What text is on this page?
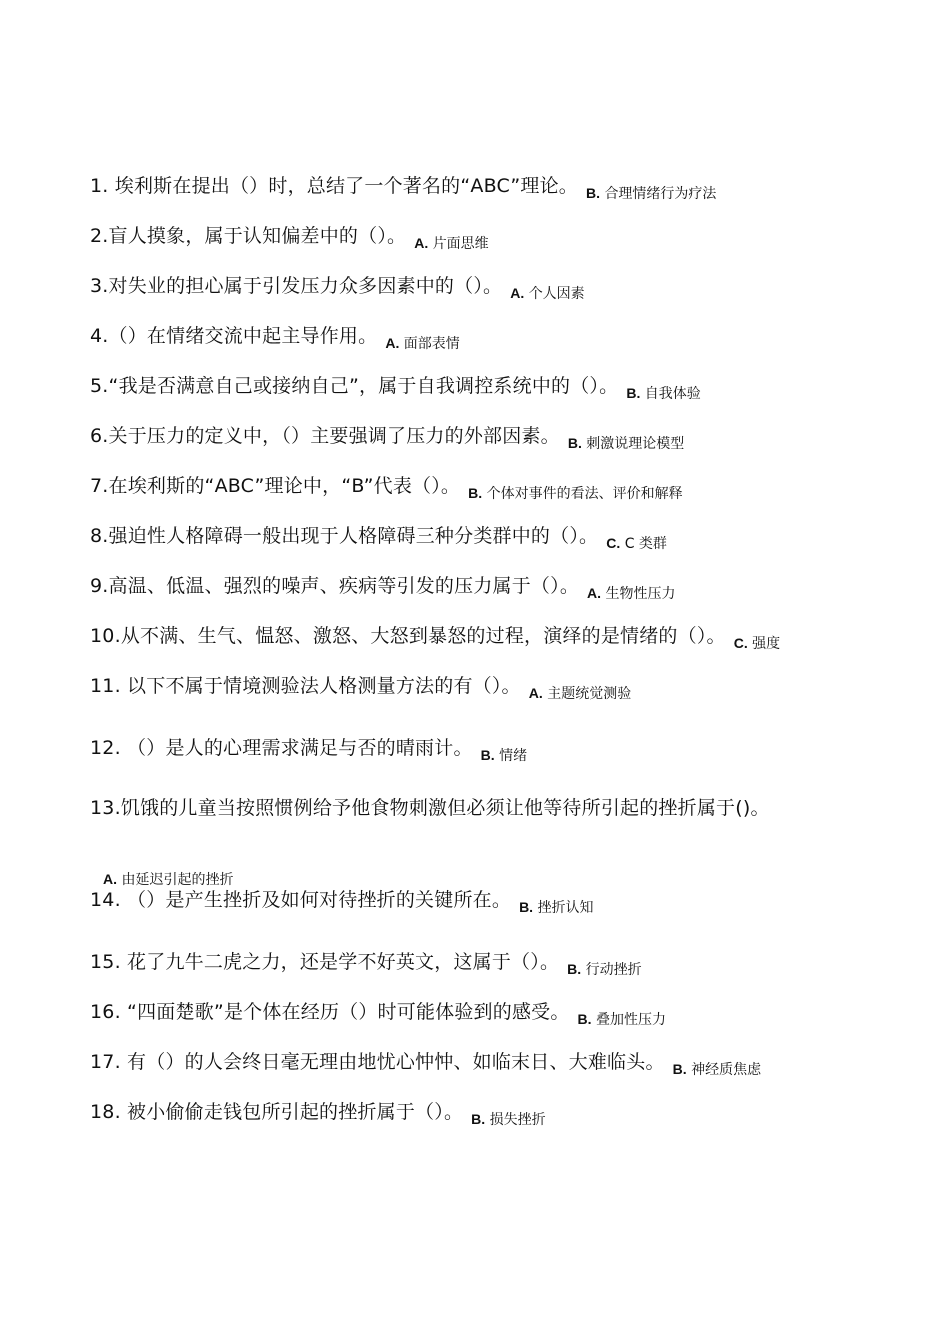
1. 埃利斯在提出（）时，总结了一个著名的“ABC”理论。 $_{B. 合理情绪行为疗法}$
2.盲人摸象，属于认知偏差中的（）。 $_{A. 片面思维}$
3.对失业的担心属于引发压力众多因素中的（）。 $_{A. 个人因素}$
4.（）在情绪交流中起主导作用。 $_{A. 面部表情}$
5.“我是否满意自己或接纳自己”，属于自我调控系统中的（）。 $_{B. 自我体验}$
6.关于压力的定义中，（）主要强调了压力的外部因素。 $_{B. 刺激说理论模型}$
7.在埃利斯的“ABC”理论中，“B”代表（）。 $_{B. 个体对事件的看法、评价和解释}$
8.强迫性人格障碍一般出现于人格障碍三种分类群中的（）。 $_{C. C 类群}$
9.高温、低温、强烈的噪声、疾病等引发的压力属于（）。 $_{A. 生物性压力}$
10.从不满、生气、愠怒、激怒、大怒到暴怒的过程，演绎的是情绪的（）。 $_{C. 强度}$
11. 以下不属于情境测验法人格测量方法的有（）。 $_{A. 主题统觉测验}$
12. （）是人的心理需求满足与否的晴雨计。 $_{B. 情绪}$
13.饥饿的儿童当按照惯例给予他食物刺激但必须让他等待所引起的挫折属于()。
A. 由延迟引起的挫折
14. （）是产生挫折及如何对待挫折的关键所在。 $_{B. 挫折认知}$
15. 花了九牛二虎之力，还是学不好英文，这属于（）。 $_{B. 行动挫折}$
16. “四面楚歌”是个体在经历（）时可能体验到的感受。 $_{B. 叠加性压力}$
17. 有（）的人会终日毫无理由地忧心忡忡、如临末日、大难临头。 $_{B. 神经质焦虑}$
18. 被小偷偷走钱包所引起的挫折属于（）。 $_{B. 损失挫折}$
